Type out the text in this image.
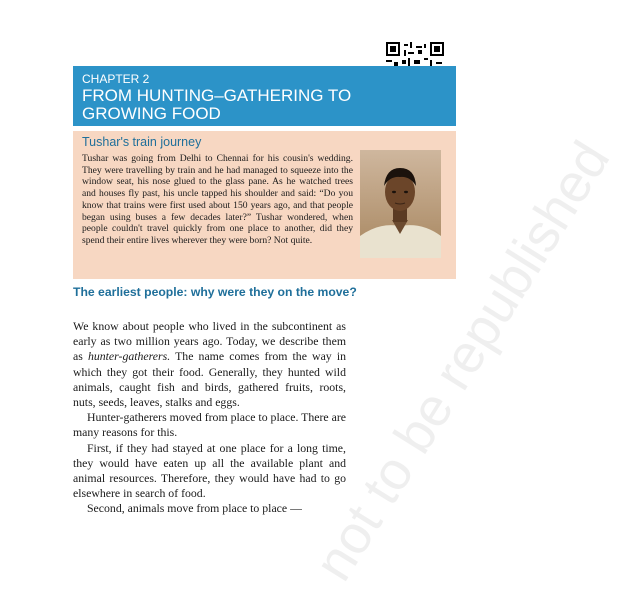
CHAPTER 2
FROM HUNTING–GATHERING TO GROWING FOOD
Tushar's train journey

Tushar was going from Delhi to Chennai for his cousin's wedding. They were travelling by train and he had managed to squeeze into the window seat, his nose glued to the glass pane. As he watched trees and houses fly past, his uncle tapped his shoulder and said: “Do you know that trains were first used about 150 years ago, and that people began using buses a few decades later?” Tushar wondered, when people couldn't travel quickly from one place to another, did they spend their entire lives wherever they were born? Not quite.

The earliest people: why were they on the move?

We know about people who lived in the subcontinent as early as two million years ago. Today, we describe them as hunter-gatherers. The name comes from the way in which they got their food. Generally, they hunted wild animals, caught fish and birds, gathered fruits, roots, nuts, seeds, leaves, stalks and eggs.

Hunter-gatherers moved from place to place. There are many reasons for this.

First, if they had stayed at one place for a long time, they would have eaten up all the available plant and animal resources. Therefore, they would have had to go elsewhere in search of food.

Second, animals move from place to place — not to be republished
